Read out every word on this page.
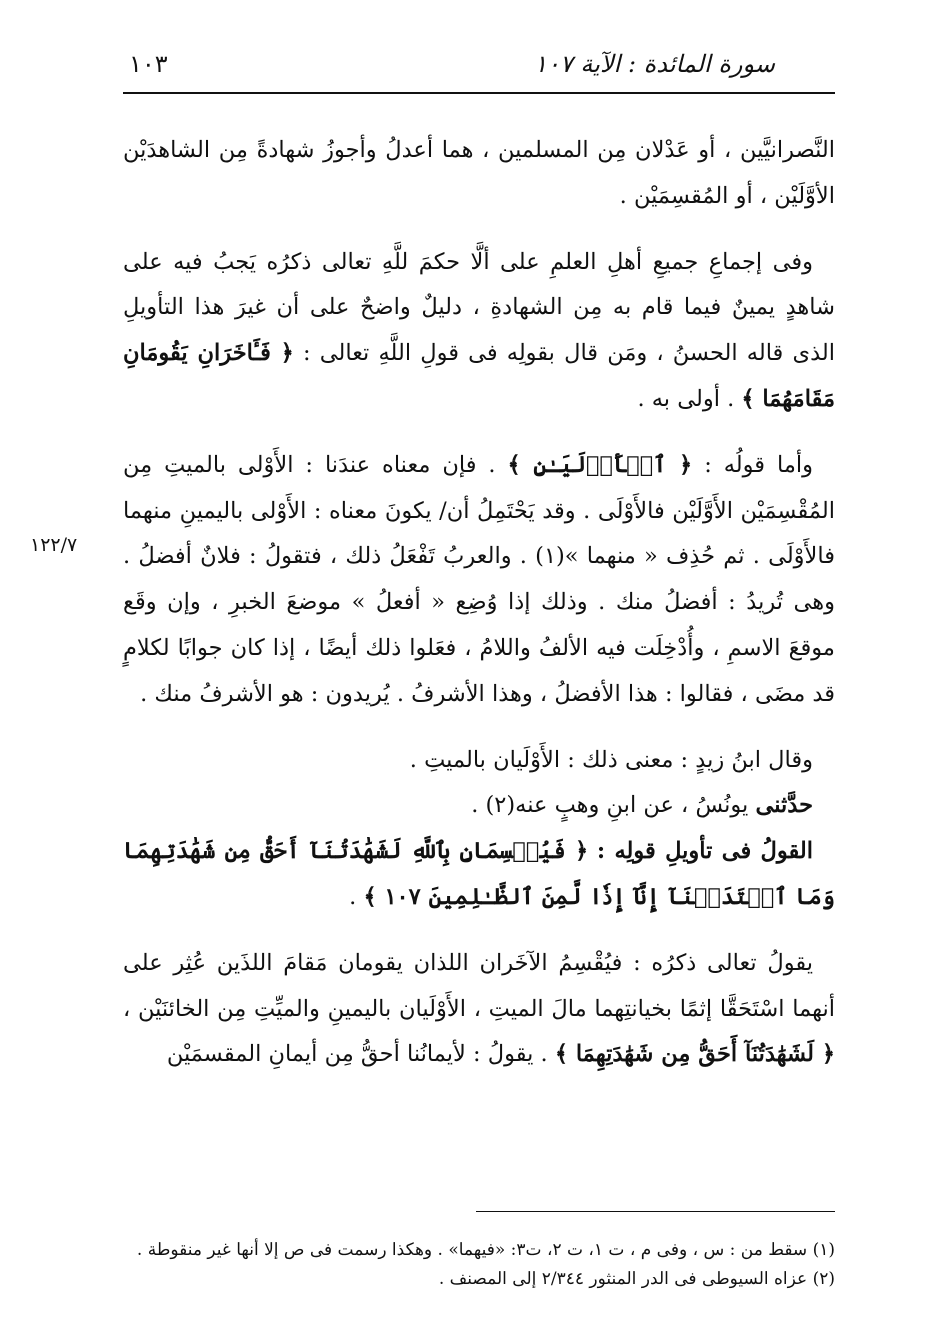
سورة المائدة : الآية ١٠٧
١٠٣
١٢٢/٧

النَّصرانيَّين ، أو عَدْلان مِن المسلمين ، هما أعدلُ وأجوزُ شهادةً مِن الشاهدَيْن الأوَّلَيْن ، أو المُقسِمَيْن .

وفى إجماعِ جميعِ أهلِ العلمِ على ألَّا حكمَ للَّهِ تعالى ذكرُه يَجبُ فيه على شاهدٍ يمينٌ فيما قام به مِن الشهادةِ ، دليلٌ واضحٌ على أن غيرَ هذا التأويلِ الذى قاله الحسنُ ، ومَن قال بقولِه فى قولِ اللَّهِ تعالى : ﴿ فَـَٔاخَرَانِ يَقُومَانِ مَقَامَهُمَا ﴾ . أولى به .

وأما قولُه : ﴿ ٱلۡأَوۡلَيَـٰنِ ﴾ . فإن معناه عندَنا : الأَوْلى بالميتِ مِن المُقْسِمَيْن الأَوَّلَيْن فالأَوْلَى . وقد يَحْتَمِلُ أن/ يكونَ معناه : الأَوْلى باليمينِ منهما فالأَوْلَى . ثم حُذِف « منهما »(١) . والعربُ تَفْعَلُ ذلك ، فتقولُ : فلانٌ أفضلُ . وهى تُريدُ : أفضلُ منك . وذلك إذا وُضِع « أفعلُ » موضعَ الخبرِ ، وإن وقَع موقعَ الاسمِ ، وأُدْخِلَت فيه الألفُ واللامُ ، فعَلوا ذلك أيضًا ، إذا كان جوابًا لكلامٍ قد مضَى ، فقالوا : هذا الأفضلُ ، وهذا الأشرفُ . يُريدون : هو الأشرفُ منك .

وقال ابنُ زيدٍ : معنى ذلك : الأَوْلَيان بالميتِ .

حدَّثنى يونُسُ ، عن ابنِ وهبٍ عنه(٢) .

القولُ فى تأويلِ قولِه : ﴿ فَيُقۡسِمَانِ بِٱللَّهِ لَشَهَٰدَتُنَآ أَحَقُّ مِن شَهَٰدَتِهِمَا وَمَا ٱعۡتَدَيۡنَآ إِنَّآ إِذٗا لَّمِنَ ٱلظَّـٰلِمِينَ ١٠٧ ﴾ .

يقولُ تعالى ذكرُه : فيُقْسِمُ الآخَران اللذان يقومان مَقامَ اللذَين عُثِر على أنهما اسْتَحَقَّا إثمًا بخيانتِهما مالَ الميتِ ، الأَوْلَيان باليمينِ والميِّتِ مِن الخائنَيْن ، ﴿ لَشَهَٰدَتُنَآ أَحَقُّ مِن شَهَٰدَتِهِمَا ﴾ . يقولُ : لأيمانُنا أحقُّ مِن أيمانِ المقسمَيْن

(١) سقط من : س ، وفى م ، ت ١، ت ٢، ت٣: «فيهما» . وهكذا رسمت فى ص إلا أنها غير منقوطة .

(٢) عزاه السيوطى فى الدر المنثور ٢/٣٤٤ إلى المصنف .
